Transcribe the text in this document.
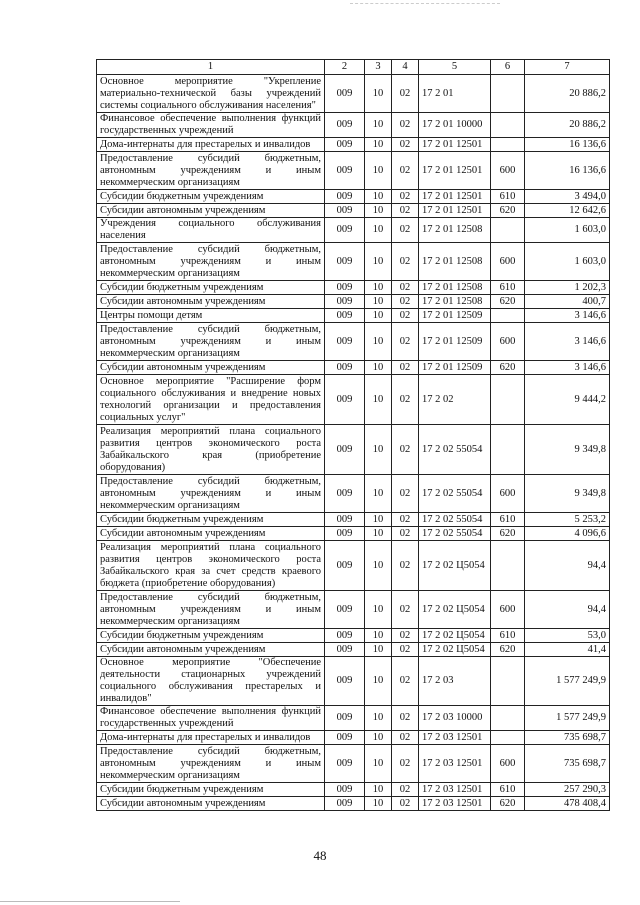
1	2	3	4	5	6	7
Основное мероприятие "Укрепление материально-технической базы учреждений системы социального обслуживания населения"	009	10	02	17 2 01		20 886,2
Финансовое обеспечение выполнения функций государственных учреждений	009	10	02	17 2 01 10000		20 886,2
Дома-интернаты для престарелых и инвалидов	009	10	02	17 2 01 12501		16 136,6
Предоставление субсидий бюджетным, автономным учреждениям и иным некоммерческим организациям	009	10	02	17 2 01 12501	600	16 136,6
Субсидии бюджетным учреждениям	009	10	02	17 2 01 12501	610	3 494,0
Субсидии автономным учреждениям	009	10	02	17 2 01 12501	620	12 642,6
Учреждения социального обслуживания населения	009	10	02	17 2 01 12508		1 603,0
Предоставление субсидий бюджетным, автономным учреждениям и иным некоммерческим организациям	009	10	02	17 2 01 12508	600	1 603,0
Субсидии бюджетным учреждениям	009	10	02	17 2 01 12508	610	1 202,3
Субсидии автономным учреждениям	009	10	02	17 2 01 12508	620	400,7
Центры помощи детям	009	10	02	17 2 01 12509		3 146,6
Предоставление субсидий бюджетным, автономным учреждениям и иным некоммерческим организациям	009	10	02	17 2 01 12509	600	3 146,6
Субсидии автономным учреждениям	009	10	02	17 2 01 12509	620	3 146,6
Основное мероприятие "Расширение форм социального обслуживания и внедрение новых технологий организации и предоставления социальных услуг"	009	10	02	17 2 02		9 444,2
Реализация мероприятий плана социального развития центров экономического роста Забайкальского края (приобретение оборудования)	009	10	02	17 2 02 55054		9 349,8
Предоставление субсидий бюджетным, автономным учреждениям и иным некоммерческим организациям	009	10	02	17 2 02 55054	600	9 349,8
Субсидии бюджетным учреждениям	009	10	02	17 2 02 55054	610	5 253,2
Субсидии автономным учреждениям	009	10	02	17 2 02 55054	620	4 096,6
Реализация мероприятий плана социального развития центров экономического роста Забайкальского края за счет средств краевого бюджета (приобретение оборудования)	009	10	02	17 2 02 Ц5054		94,4
Предоставление субсидий бюджетным, автономным учреждениям и иным некоммерческим организациям	009	10	02	17 2 02 Ц5054	600	94,4
Субсидии бюджетным учреждениям	009	10	02	17 2 02 Ц5054	610	53,0
Субсидии автономным учреждениям	009	10	02	17 2 02 Ц5054	620	41,4
Основное мероприятие "Обеспечение деятельности стационарных учреждений социального обслуживания престарелых и инвалидов"	009	10	02	17 2 03		1 577 249,9
Финансовое обеспечение выполнения функций государственных учреждений	009	10	02	17 2 03 10000		1 577 249,9
Дома-интернаты для престарелых и инвалидов	009	10	02	17 2 03 12501		735 698,7
Предоставление субсидий бюджетным, автономным учреждениям и иным некоммерческим организациям	009	10	02	17 2 03 12501	600	735 698,7
Субсидии бюджетным учреждениям	009	10	02	17 2 03 12501	610	257 290,3
Субсидии автономным учреждениям	009	10	02	17 2 03 12501	620	478 408,4
48
